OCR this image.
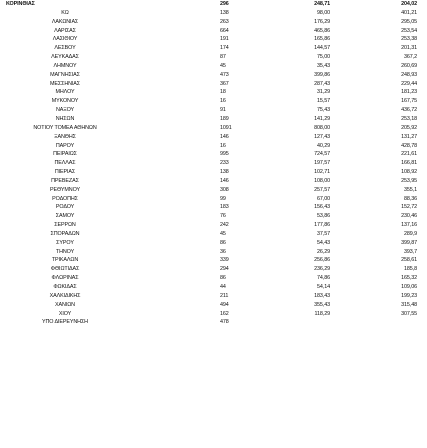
ΚΟΡΙΝΘΙΑΣ	296	248,71	204,02
ΚΩ	138	98,00	401,21
ΛΑΚΩΝΙΑΣ	263	176,29	295,05
ΛΑΡΙΣΑΣ	664	465,86	253,54
ΛΑΣΙΘΙΟΥ	191	165,86	253,38
ΛΕΣΒΟΥ	174	144,57	201,31
ΛΕΥΚΑΔΑΣ	87	75,00	367,2
ΛΗΜΝΟΥ	45	35,43	260,69
ΜΑΓΝΗΣΙΑΣ	473	399,86	248,93
ΜΕΣΣΗΝΙΑΣ	367	287,43	229,44
ΜΗΛΟΥ	18	31,29	181,23
ΜΥΚΟΝΟΥ	16	15,57	167,75
ΝΑΞΟΥ	91	75,43	436,72
ΝΗΣΩΝ	189	141,29	253,18
ΝΟΤΙΟΥ ΤΟΜΕΑ ΑΘΗΝΩΝ	1091	808,00	205,92
ΞΑΝΘΗΣ	146	127,43	131,27
ΠΑΡΟΥ	16	40,29	428,78
ΠΕΙΡΑΙΩΣ	995	724,57	221,61
ΠΕΛΛΑΣ	233	197,57	166,81
ΠΙΕΡΙΑΣ	138	102,71	108,92
ΠΡΕΒΕΖΑΣ	146	108,00	253,95
ΡΕΘΥΜΝΟΥ	308	257,57	355,1
ΡΟΔΟΠΗΣ	99	67,00	88,36
ΡΟΔΟΥ	183	156,43	152,72
ΣΑΜΟΥ	76	53,86	230,46
ΣΕΡΡΩΝ	242	177,86	137,16
ΣΠΟΡΑΔΩΝ	45	37,57	289,9
ΣΥΡΟΥ	86	54,43	399,87
ΤΗΝΟΥ	36	26,29	393,7
ΤΡΙΚΑΛΩΝ	339	256,86	258,61
ΦΘΙΩΤΙΔΑΣ	294	236,29	185,8
ΦΛΩΡΙΝΑΣ	86	74,86	165,32
ΦΩΚΙΔΑΣ	44	54,14	109,06
ΧΑΛΚΙΔΙΚΗΣ	211	183,43	199,23
ΧΑΝΙΩΝ	494	355,43	315,48
ΧΙΟΥ	162	118,29	307,55
ΥΠΟ ΔΙΕΡΕΥΝΗΣΗ	478
